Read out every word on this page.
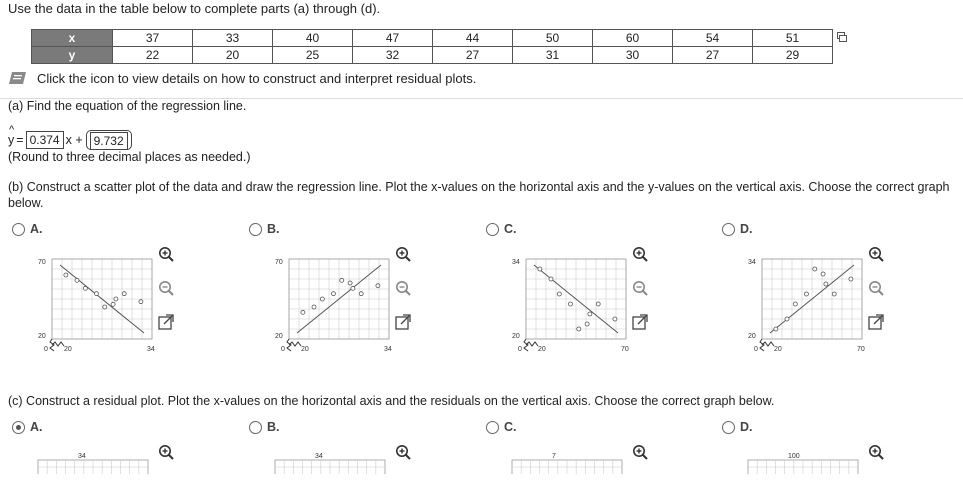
Use the data in the table below to complete parts (a) through (d).
x	37	33	40	47	44	50	60	54	51
y	22	20	25	32	27	31	30	27	29
Click the icon to view details on how to construct and interpret residual plots.
(a) Find the equation of the regression line.
^
y = 0.374 x + 9.732
(Round to three decimal places as needed.)
(b) Construct a scatter plot of the data and draw the regression line. Plot the x-values on the horizontal axis and the y-values on the vertical axis. Choose the correct graph below.
A.
70
20
0 20	34
B.
70
20
0 20	34
C.
34
20
0 20	70
D.
34
20
0 20	70
(c) Construct a residual plot. Plot the x-values on the horizontal axis and the residuals on the vertical axis. Choose the correct graph below.
A.
34
B.
34
C.
7
D.
100
